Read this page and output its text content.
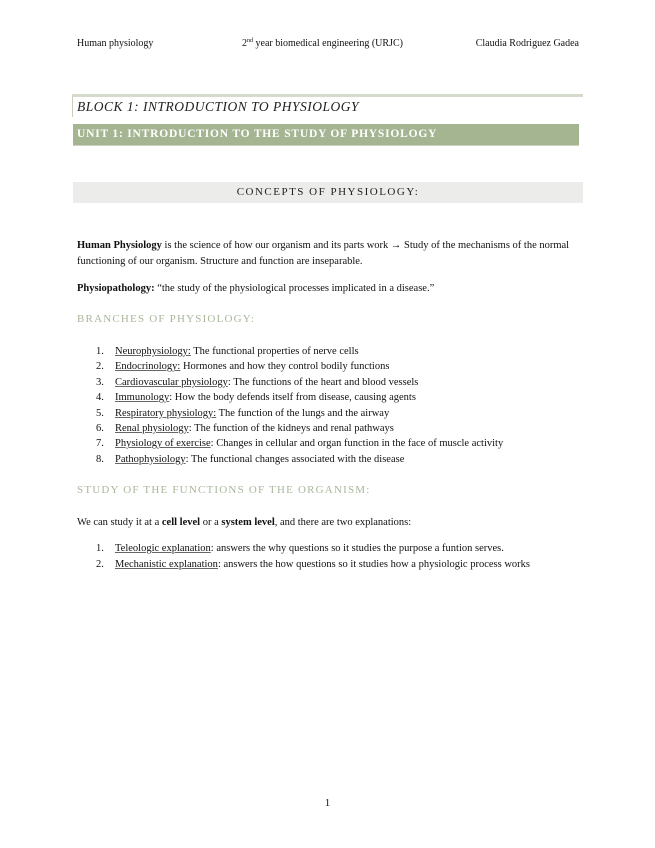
Human physiology	2nd year biomedical engineering (URJC)	Claudia Rodriguez Gadea
BLOCK 1: INTRODUCTION TO PHYSIOLOGY
UNIT 1: INTRODUCTION TO THE STUDY OF PHYSIOLOGY
CONCEPTS OF PHYSIOLOGY:
Human Physiology is the science of how our organism and its parts work → Study of the mechanisms of the normal functioning of our organism. Structure and function are inseparable.
Physiopathology: “the study of the physiological processes implicated in a disease.”
BRANCHES OF PHYSIOLOGY:
1. Neurophysiology: The functional properties of nerve cells
2. Endocrinology: Hormones and how they control bodily functions
3. Cardiovascular physiology: The functions of the heart and blood vessels
4. Immunology: How the body defends itself from disease, causing agents
5. Respiratory physiology: The function of the lungs and the airway
6. Renal physiology: The function of the kidneys and renal pathways
7. Physiology of exercise: Changes in cellular and organ function in the face of muscle activity
8. Pathophysiology: The functional changes associated with the disease
STUDY OF THE FUNCTIONS OF THE ORGANISM:
We can study it at a cell level or a system level, and there are two explanations:
1. Teleologic explanation: answers the why questions so it studies the purpose a funtion serves.
2. Mechanistic explanation: answers the how questions so it studies how a physiologic process works
1
